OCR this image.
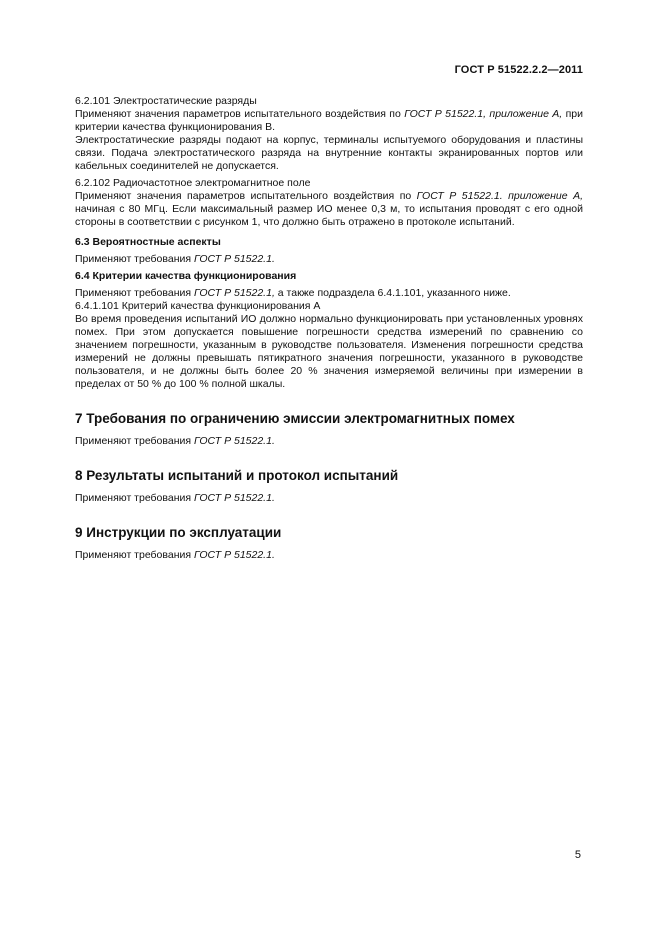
ГОСТ Р 51522.2.2—2011

6.2.101 Электростатические разряды

Применяют значения параметров испытательного воздействия по ГОСТ Р 51522.1, приложение А, при критерии качества функционирования В.

Электростатические разряды подают на корпус, терминалы испытуемого оборудования и пластины связи. Подача электростатического разряда на внутренние контакты экранированных портов или кабельных соединителей не допускается.

6.2.102 Радиочастотное электромагнитное поле

Применяют значения параметров испытательного воздействия по ГОСТ Р 51522.1. приложение А, начиная с 80 МГц. Если максимальный размер ИО менее 0,3 м, то испытания проводят с его одной стороны в соответствии с рисунком 1, что должно быть отражено в протоколе испытаний.

6.3 Вероятностные аспекты

Применяют требования ГОСТ Р 51522.1.

6.4 Критерии качества функционирования

Применяют требования ГОСТ Р 51522.1, а также подраздела 6.4.1.101, указанного ниже.

6.4.1.101 Критерий качества функционирования А

Во время проведения испытаний ИО должно нормально функционировать при установленных уровнях помех. При этом допускается повышение погрешности средства измерений по сравнению со значением погрешности, указанным в руководстве пользователя. Изменения погрешности средства измерений не должны превышать пятикратного значения погрешности, указанного в руководстве пользователя, и не должны быть более 20 % значения измеряемой величины при измерении в пределах от 50 % до 100 % полной шкалы.

7 Требования по ограничению эмиссии электромагнитных помех

Применяют требования ГОСТ Р 51522.1.

8 Результаты испытаний и протокол испытаний

Применяют требования ГОСТ Р 51522.1.

9 Инструкции по эксплуатации

Применяют требования ГОСТ Р 51522.1.

5
